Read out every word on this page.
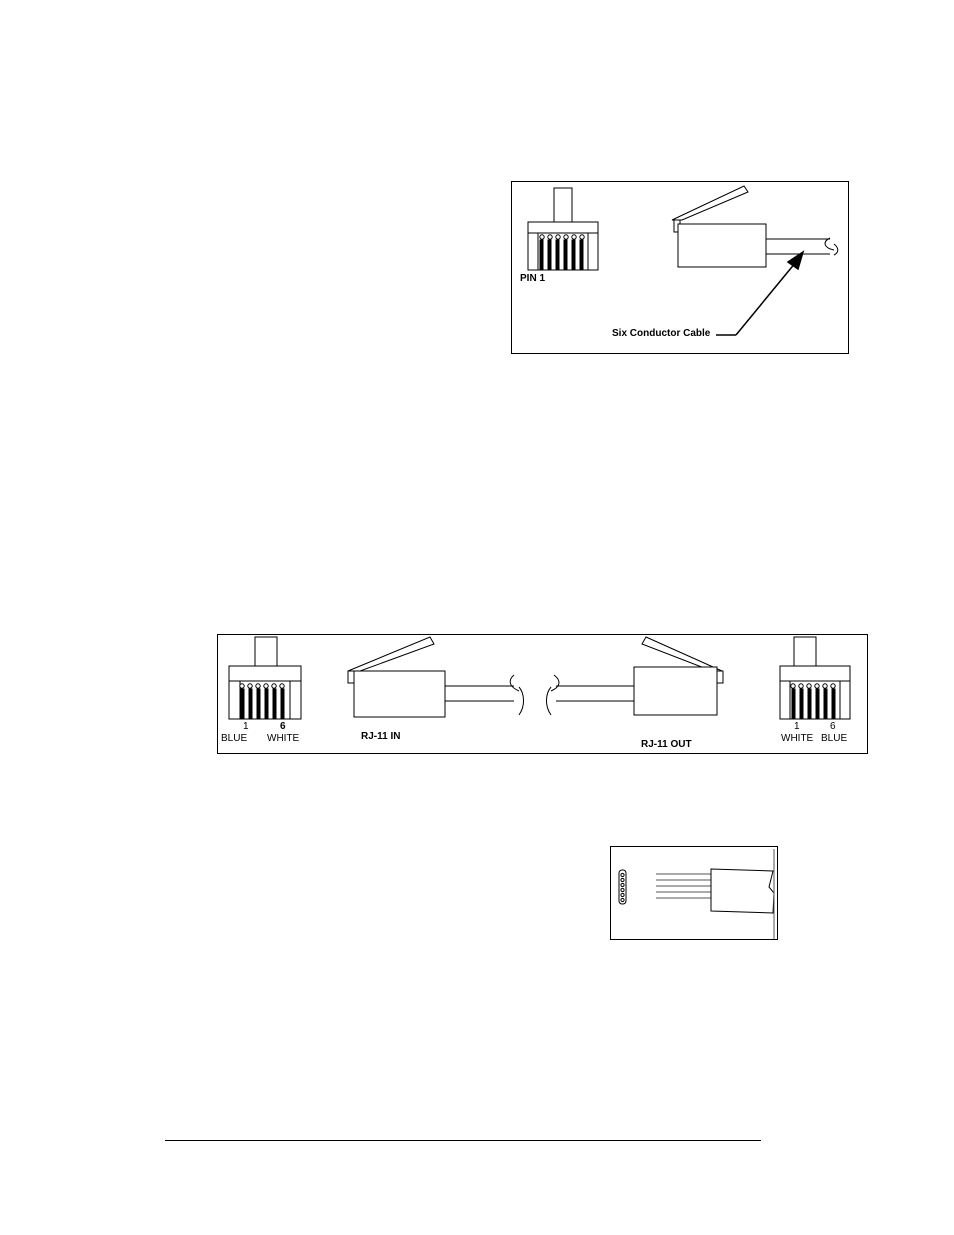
PIN 1
Six Conductor Cable
1	6
BLUE WHITE	RJ-11 IN
RJ-11 OUT
1	6
WHITE BLUE
